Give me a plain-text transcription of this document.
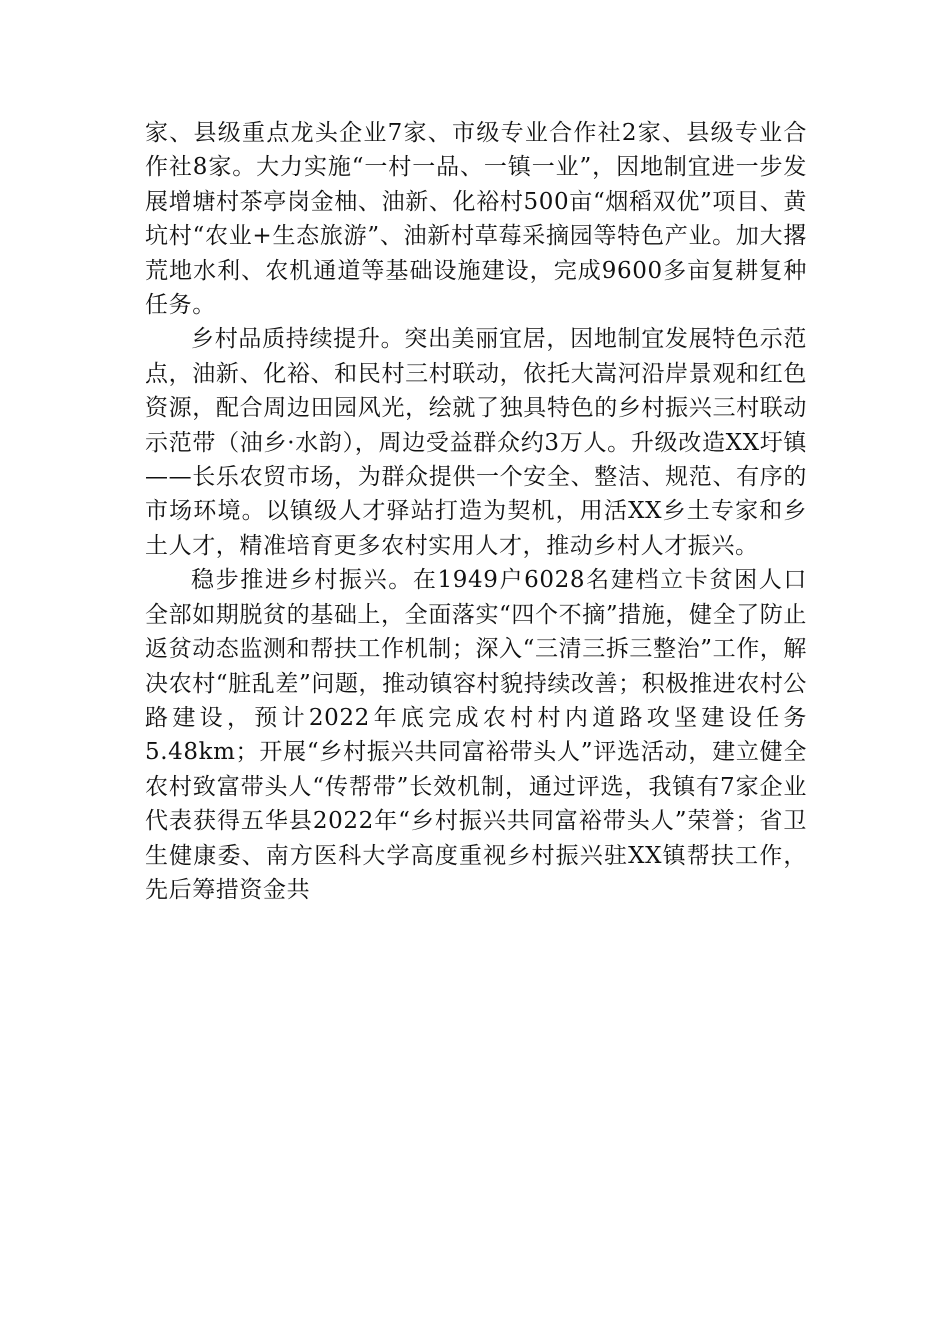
家、县级重点龙头企业7家、市级专业合作社2家、县级专业合作社8家。大力实施“一村一品、一镇一业”，因地制宜进一步发展增塘村茶亭岗金柚、油新、化裕村500亩“烟稻双优”项目、黄坑村“农业+生态旅游”、油新村草莓采摘园等特色产业。加大撂荒地水利、农机通道等基础设施建设，完成9600多亩复耕复种任务。

乡村品质持续提升。突出美丽宜居，因地制宜发展特色示范点，油新、化裕、和民村三村联动，依托大嵩河沿岸景观和红色资源，配合周边田园风光，绘就了独具特色的乡村振兴三村联动示范带（油乡·水韵），周边受益群众约3万人。升级改造XX圩镇——长乐农贸市场，为群众提供一个安全、整洁、规范、有序的市场环境。以镇级人才驿站打造为契机，用活XX乡土专家和乡土人才，精准培育更多农村实用人才，推动乡村人才振兴。

稳步推进乡村振兴。在1949户6028名建档立卡贫困人口全部如期脱贫的基础上，全面落实“四个不摘”措施，健全了防止返贫动态监测和帮扶工作机制；深入“三清三拆三整治”工作，解决农村“脏乱差”问题，推动镇容村貌持续改善；积极推进农村公路建设，预计2022年底完成农村村内道路攻坚建设任务5.48km；开展“乡村振兴共同富裕带头人”评选活动，建立健全农村致富带头人“传帮带”长效机制，通过评选，我镇有7家企业代表获得五华县2022年“乡村振兴共同富裕带头人”荣誉；省卫生健康委、南方医科大学高度重视乡村振兴驻XX镇帮扶工作，先后筹措资金共
